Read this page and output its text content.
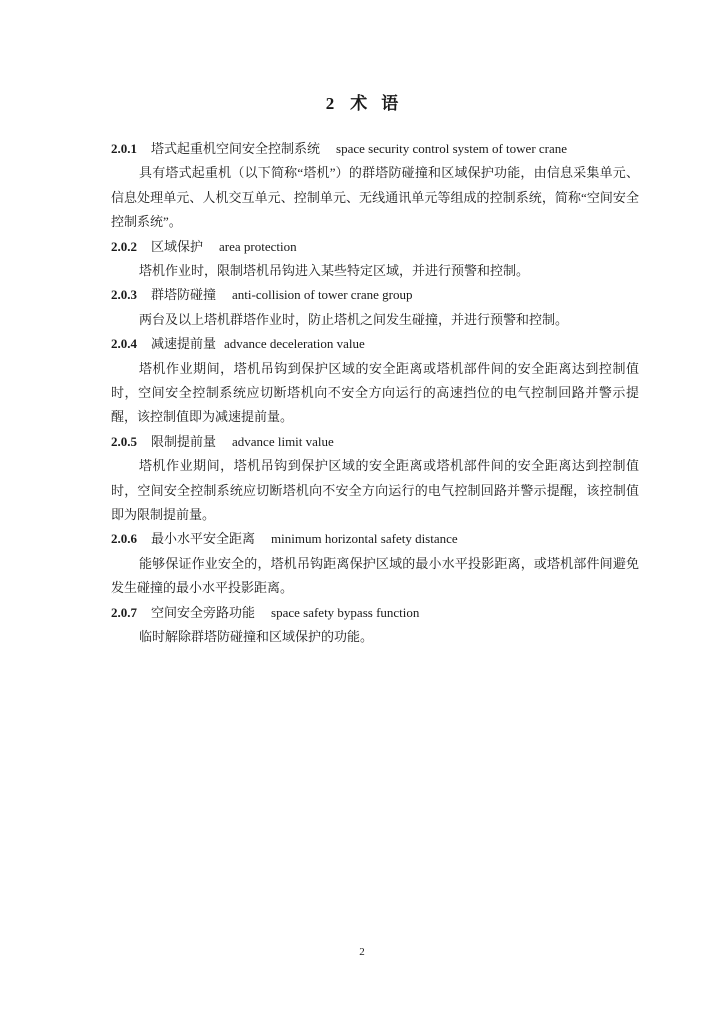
2 术 语
2.0.1 塔式起重机空间安全控制系统 space security control system of tower crane
具有塔式起重机（以下简称“塔机”）的群塔防碰撞和区域保护功能，由信息采集单元、信息处理单元、人机交互单元、控制单元、无线通讯单元等组成的控制系统，简称“空间安全控制系统”。
2.0.2 区域保护 area protection
塔机作业时，限制塔机吊钩进入某些特定区域，并进行预警和控制。
2.0.3 群塔防碰撞 anti-collision of tower crane group
两台及以上塔机群塔作业时，防止塔机之间发生碰撞，并进行预警和控制。
2.0.4 减速提前量 advance deceleration value
塔机作业期间，塔机吊钩到保护区域的安全距离或塔机部件间的安全距离达到控制值时，空间安全控制系统应切断塔机向不安全方向运行的高速挡位的电气控制回路并警示提醒，该控制值即为减速提前量。
2.0.5 限制提前量 advance limit value
塔机作业期间，塔机吊钩到保护区域的安全距离或塔机部件间的安全距离达到控制值时，空间安全控制系统应切断塔机向不安全方向运行的电气控制回路并警示提醒，该控制值即为限制提前量。
2.0.6 最小水平安全距离 minimum horizontal safety distance
能够保证作业安全的，塔机吊钩距离保护区域的最小水平投影距离，或塔机部件间避免发生碰撞的最小水平投影距离。
2.0.7 空间安全旁路功能 space safety bypass function
临时解除群塔防碰撞和区域保护的功能。
2
